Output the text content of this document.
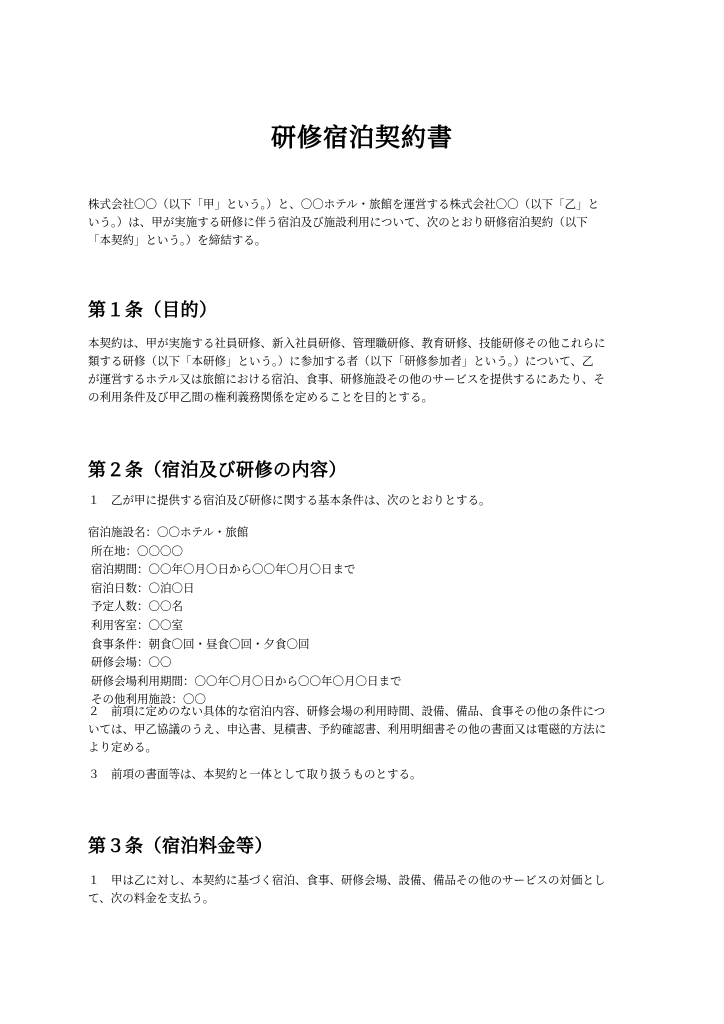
研修宿泊契約書
株式会社〇〇（以下「甲」という。）と、〇〇ホテル・旅館を運営する株式会社〇〇（以下「乙」と
いう。）は、甲が実施する研修に伴う宿泊及び施設利用について、次のとおり研修宿泊契約（以下
「本契約」という。）を締結する。
第１条（目的）
本契約は、甲が実施する社員研修、新入社員研修、管理職研修、教育研修、技能研修その他これらに
類する研修（以下「本研修」という。）に参加する者（以下「研修参加者」という。）について、乙
が運営するホテル又は旅館における宿泊、食事、研修施設その他のサービスを提供するにあたり、そ
の利用条件及び甲乙間の権利義務関係を定めることを目的とする。
第２条（宿泊及び研修の内容）
１　乙が甲に提供する宿泊及び研修に関する基本条件は、次のとおりとする。
宿泊施設名：〇〇ホテル・旅館
所在地：〇〇〇〇
宿泊期間：〇〇年〇月〇日から〇〇年〇月〇日まで
宿泊日数：〇泊〇日
予定人数：〇〇名
利用客室：〇〇室
食事条件：朝食〇回・昼食〇回・夕食〇回
研修会場：〇〇
研修会場利用期間：〇〇年〇月〇日から〇〇年〇月〇日まで
その他利用施設：〇〇
２　前項に定めのない具体的な宿泊内容、研修会場の利用時間、設備、備品、食事その他の条件につ
いては、甲乙協議のうえ、申込書、見積書、予約確認書、利用明細書その他の書面又は電磁的方法に
より定める。
３　前項の書面等は、本契約と一体として取り扱うものとする。
第３条（宿泊料金等）
１　甲は乙に対し、本契約に基づく宿泊、食事、研修会場、設備、備品その他のサービスの対価とし
て、次の料金を支払う。
